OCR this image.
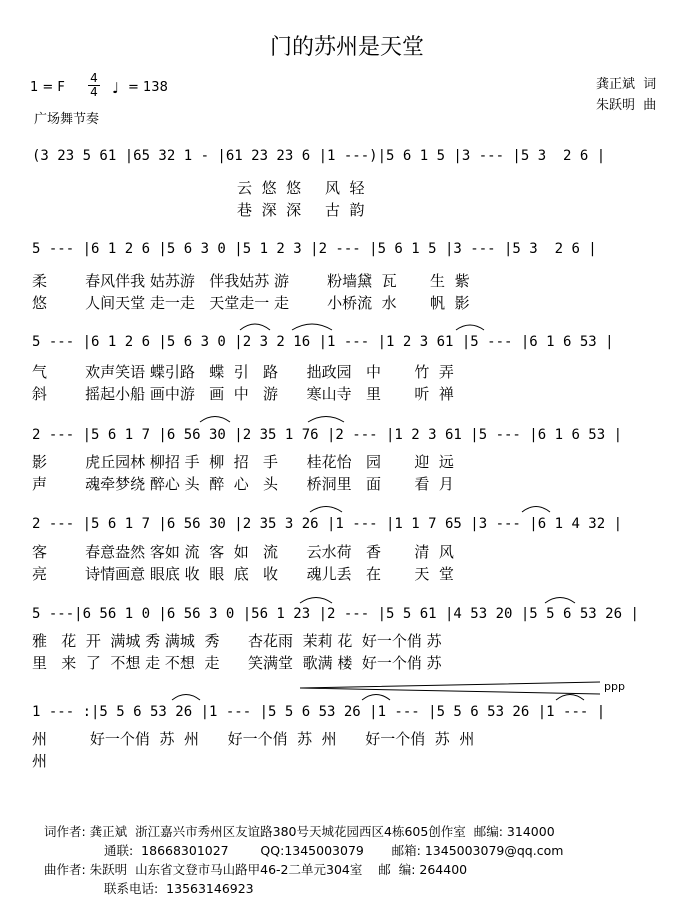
门的苏州是天堂
1 = F
4
4 ♩ = 138
广场舞节奏
龚正斌  词
朱跃明  曲
(3 23 5 61 |65 32 1 - |61 23 23 6 |1 ---)|5 6 1 5 |3 --- |5 3  2 6 |
云  悠  悠     风  轻
巷  深  深     古  韵
5 --- |6 1 2 6 |5 6 3 0 |5 1 2 3 |2 --- |5 6 1 5 |3 --- |5 3  2 6 |
柔        春风伴我 姑苏游   伴我姑苏 游        粉墙黛  瓦       生  紫
悠        人间天堂 走一走   天堂走一 走        小桥流  水       帆  影
5 --- |6 1 2 6 |5 6 3 0 |2 3 2 16 |1 --- |1 2 3 61 |5 --- |6 1 6 53 |
气        欢声笑语 蝶引路   蝶  引   路      拙政园   中       竹  弄
斜        摇起小船 画中游   画  中   游      寒山寺   里       听  禅
2 --- |5 6 1 7 |6 56 30 |2 35 1 76 |2 --- |1 2 3 61 |5 --- |6 1 6 53 |
影        虎丘园林 柳招 手  柳  招   手      桂花怡   园       迎  远
声        魂牵梦绕 醉心 头  醉  心   头      桥洞里   面       看  月
2 --- |5 6 1 7 |6 56 30 |2 35 3 26 |1 --- |1 1 7 65 |3 --- |6 1 4 32 |
客        春意盎然 客如 流  客  如   流      云水荷   香       清  风
亮        诗情画意 眼底 收  眼  底   收      魂儿丢   在       天  堂
5 ---|6 56 1 0 |6 56 3 0 |56 1 23 |2 --- |5 5 61 |4 53 20 |5 5 6 53 26 |
雅   花  开  满城 秀 满城  秀      杏花雨  茉莉 花  好一个俏 苏
里   来  了  不想 走 不想  走      笑满堂  歌满 楼  好一个俏 苏
ppp
1 --- :|5 5 6 53 26 |1 --- |5 5 6 53 26 |1 --- |5 5 6 53 26 |1 --- |
州         好一个俏  苏  州      好一个俏  苏  州      好一个俏  苏  州
州
词作者: 龚正斌  浙江嘉兴市秀州区友谊路380号天城花园西区4栋605创作室  邮编: 314000
通联:  18668301027        QQ:1345003079       邮箱: 1345003079@qq.com
曲作者: 朱跃明  山东省文登市马山路甲46-2二单元304室    邮  编: 264400
联系电话:  13563146923
